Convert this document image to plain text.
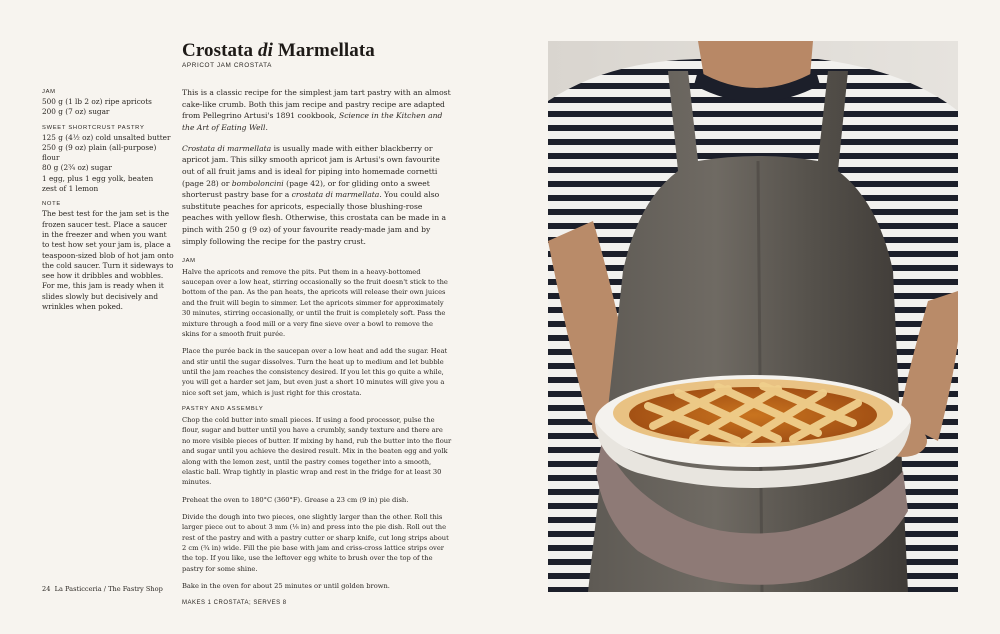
Crostata di Marmellata
APRICOT JAM CROSTATA
JAM
500 g (1 lb 2 oz) ripe apricots
200 g (7 oz) sugar
SWEET SHORTCRUST PASTRY
125 g (4½ oz) cold unsalted butter
250 g (9 oz) plain (all-purpose) flour
80 g (2¾ oz) sugar
1 egg, plus 1 egg yolk, beaten
zest of 1 lemon
NOTE
The best test for the jam set is the frozen saucer test. Place a saucer in the freezer and when you want to test how set your jam is, place a teaspoon-sized blob of hot jam onto the cold saucer. Turn it sideways to see how it dribbles and wobbles. For me, this jam is ready when it slides slowly but decisively and wrinkles when poked.

This is a classic recipe for the simplest jam tart pastry with an almost cake-like crumb. Both this jam recipe and pastry recipe are adapted from Pellegrino Artusi's 1891 cookbook, Science in the Kitchen and the Art of Eating Well.

Crostata di marmellata is usually made with either blackberry or apricot jam. This silky smooth apricot jam is Artusi's own favourite out of all fruit jams and is ideal for piping into homemade cornetti (page 28) or bomboloncini (page 42), or for gliding onto a sweet shorterust pastry base for a crostata di marmellata. You could also substitute peaches for apricots, especially those blushing-rose peaches with yellow flesh. Otherwise, this crostata can be made in a pinch with 250 g (9 oz) of your favourite ready-made jam and by simply following the recipe for the pastry crust.

JAM

Halve the apricots and remove the pits. Put them in a heavy-bottomed saucepan over a low heat, stirring occasionally so the fruit doesn't stick to the bottom of the pan. As the pan heats, the apricots will release their own juices and the fruit will begin to simmer. Let the apricots simmer for approximately 30 minutes, stirring occasionally, or until the fruit is completely soft. Pass the mixture through a food mill or a very fine sieve over a bowl to remove the skins for a smooth fruit purée.

Place the purée back in the saucepan over a low heat and add the sugar. Heat and stir until the sugar dissolves. Turn the heat up to medium and let bubble until the jam reaches the consistency desired. If you let this go quite a while, you will get a harder set jam, but even just a short 10 minutes will give you a nice soft set jam, which is just right for this crostata.

PASTRY AND ASSEMBLY

Chop the cold butter into small pieces. If using a food processor, pulse the flour, sugar and butter until you have a crumbly, sandy texture and there are no more visible pieces of butter. If mixing by hand, rub the butter into the flour and sugar until you achieve the desired result. Mix in the beaten egg and yolk along with the lemon zest, until the pastry comes together into a smooth, elastic ball. Wrap tightly in plastic wrap and rest in the fridge for at least 30 minutes.

Preheat the oven to 180°C (360°F). Grease a 23 cm (9 in) pie dish.

Divide the dough into two pieces, one slightly larger than the other. Roll this larger piece out to about 3 mm (⅛ in) and press into the pie dish. Roll out the rest of the pastry and with a pastry cutter or sharp knife, cut long strips about 2 cm (¾ in) wide. Fill the pie base with jam and criss-cross lattice strips over the top. If you like, use the leftover egg white to brush over the top of the pastry for some shine.

Bake in the oven for about 25 minutes or until golden brown.

MAKES 1 CROSTATA; SERVES 8
24 La Pasticceria / The Fastry Shop
